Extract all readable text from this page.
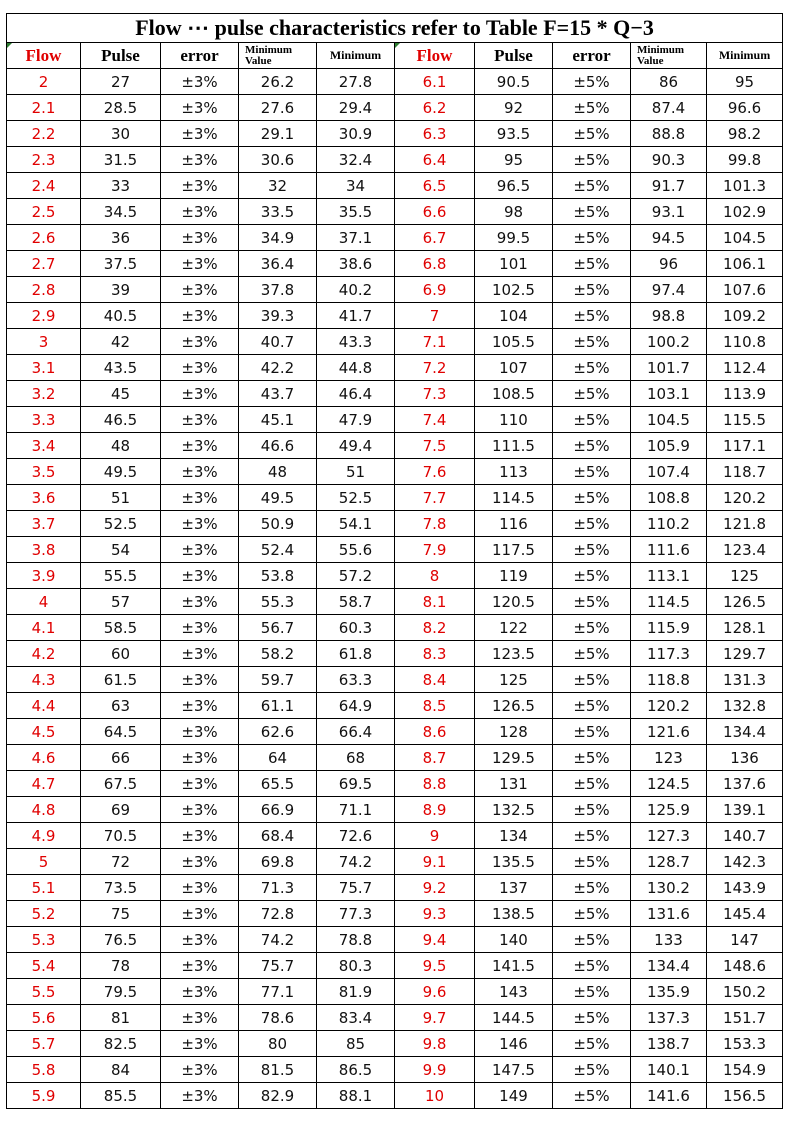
Flow ⋯ pulse characteristics refer to Table F=15 * Q−3									

Flow	Pulse	error	Minimum Value	Minimum	Flow	Pulse	error	Minimum Value	Minimum
2	27	±3%	26.2	27.8	6.1	90.5	±5%	86	95
2.1	28.5	±3%	27.6	29.4	6.2	92	±5%	87.4	96.6
2.2	30	±3%	29.1	30.9	6.3	93.5	±5%	88.8	98.2
2.3	31.5	±3%	30.6	32.4	6.4	95	±5%	90.3	99.8
2.4	33	±3%	32	34	6.5	96.5	±5%	91.7	101.3
2.5	34.5	±3%	33.5	35.5	6.6	98	±5%	93.1	102.9
2.6	36	±3%	34.9	37.1	6.7	99.5	±5%	94.5	104.5
2.7	37.5	±3%	36.4	38.6	6.8	101	±5%	96	106.1
2.8	39	±3%	37.8	40.2	6.9	102.5	±5%	97.4	107.6
2.9	40.5	±3%	39.3	41.7	7	104	±5%	98.8	109.2
3	42	±3%	40.7	43.3	7.1	105.5	±5%	100.2	110.8
3.1	43.5	±3%	42.2	44.8	7.2	107	±5%	101.7	112.4
3.2	45	±3%	43.7	46.4	7.3	108.5	±5%	103.1	113.9
3.3	46.5	±3%	45.1	47.9	7.4	110	±5%	104.5	115.5
3.4	48	±3%	46.6	49.4	7.5	111.5	±5%	105.9	117.1
3.5	49.5	±3%	48	51	7.6	113	±5%	107.4	118.7
3.6	51	±3%	49.5	52.5	7.7	114.5	±5%	108.8	120.2
3.7	52.5	±3%	50.9	54.1	7.8	116	±5%	110.2	121.8
3.8	54	±3%	52.4	55.6	7.9	117.5	±5%	111.6	123.4
3.9	55.5	±3%	53.8	57.2	8	119	±5%	113.1	125
4	57	±3%	55.3	58.7	8.1	120.5	±5%	114.5	126.5
4.1	58.5	±3%	56.7	60.3	8.2	122	±5%	115.9	128.1
4.2	60	±3%	58.2	61.8	8.3	123.5	±5%	117.3	129.7
4.3	61.5	±3%	59.7	63.3	8.4	125	±5%	118.8	131.3
4.4	63	±3%	61.1	64.9	8.5	126.5	±5%	120.2	132.8
4.5	64.5	±3%	62.6	66.4	8.6	128	±5%	121.6	134.4
4.6	66	±3%	64	68	8.7	129.5	±5%	123	136
4.7	67.5	±3%	65.5	69.5	8.8	131	±5%	124.5	137.6
4.8	69	±3%	66.9	71.1	8.9	132.5	±5%	125.9	139.1
4.9	70.5	±3%	68.4	72.6	9	134	±5%	127.3	140.7
5	72	±3%	69.8	74.2	9.1	135.5	±5%	128.7	142.3
5.1	73.5	±3%	71.3	75.7	9.2	137	±5%	130.2	143.9
5.2	75	±3%	72.8	77.3	9.3	138.5	±5%	131.6	145.4
5.3	76.5	±3%	74.2	78.8	9.4	140	±5%	133	147
5.4	78	±3%	75.7	80.3	9.5	141.5	±5%	134.4	148.6
5.5	79.5	±3%	77.1	81.9	9.6	143	±5%	135.9	150.2
5.6	81	±3%	78.6	83.4	9.7	144.5	±5%	137.3	151.7
5.7	82.5	±3%	80	85	9.8	146	±5%	138.7	153.3
5.8	84	±3%	81.5	86.5	9.9	147.5	±5%	140.1	154.9
5.9	85.5	±3%	82.9	88.1	10	149	±5%	141.6	156.5
